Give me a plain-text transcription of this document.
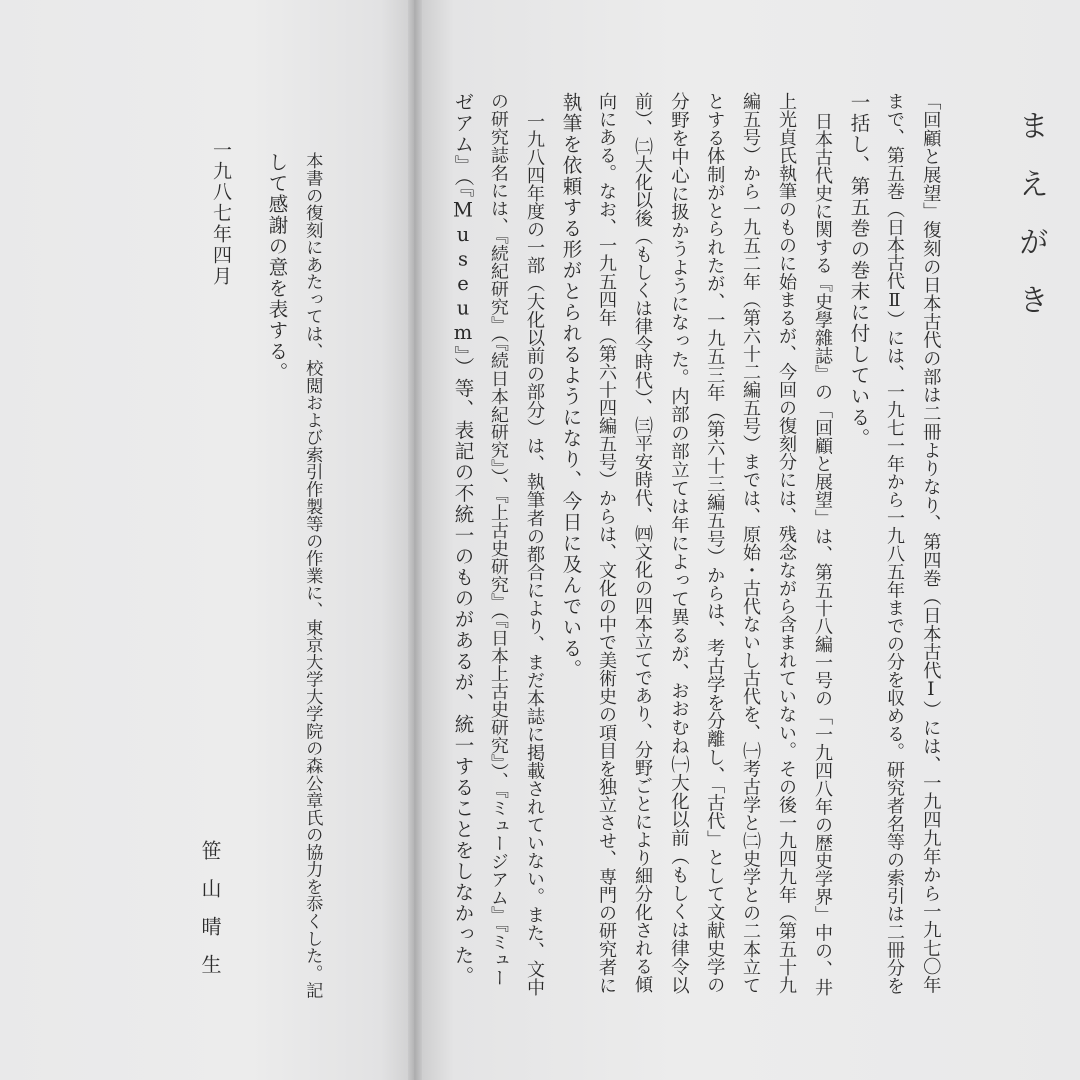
まえがき
「回顧と展望」復刻の日本古代の部は二冊よりなり、第四巻（日本古代Ⅰ）には、一九四九年から一九七〇年
まで、第五巻（日本古代Ⅱ）には、一九七一年から一九八五年までの分を収める。研究者名等の索引は二冊分を
一括し、第五巻の巻末に付している。
日本古代史に関する『史學雜誌』の「回顧と展望」は、第五十八編一号の「一九四八年の歴史学界」中の、井
上光貞氏執筆のものに始まるが、今回の復刻分には、残念ながら含まれていない。その後一九四九年（第五十九
編五号）から一九五二年（第六十二編五号）までは、原始・古代ないし古代を、㈠考古学と㈡史学との二本立て
とする体制がとられたが、一九五三年（第六十三編五号）からは、考古学を分離し、「古代」として文献史学の
分野を中心に扱かうようになった。内部の部立ては年によって異るが、おおむね㈠大化以前（もしくは律令以
前）、㈡大化以後（もしくは律令時代）、㈢平安時代、㈣文化の四本立てであり、分野ごとにより細分化される傾
向にある。なお、一九五四年（第六十四編五号）からは、文化の中で美術史の項目を独立させ、専門の研究者に
執筆を依頼する形がとられるようになり、今日に及んでいる。
一九八四年度の一部（大化以前の部分）は、執筆者の都合により、まだ本誌に掲載されていない。また、文中
の研究誌名には、『続紀研究』（『続日本紀研究』）、『上古史研究』（『日本上古史研究』）、『ミュージアム』『ミュー
ゼアム』（『Museum』）等、表記の不統一のものがあるが、統一することをしなかった。
本書の復刻にあたっては、校閲および索引作製等の作業に、東京大学大学院の森公章氏の協力を忝くした。記
して感謝の意を表する。
一九八七年四月
笹山晴生
